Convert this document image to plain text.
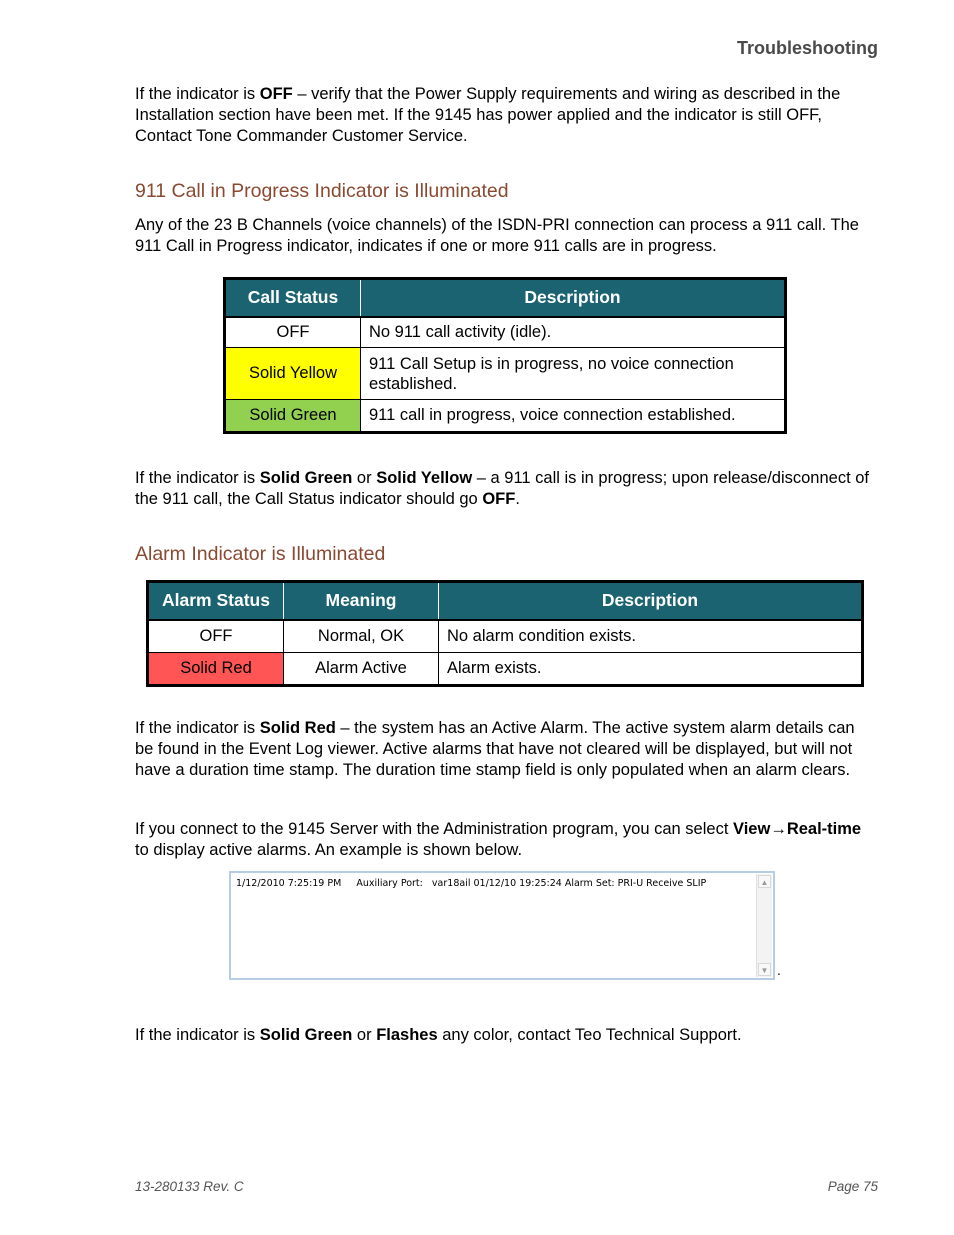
Troubleshooting

If the indicator is OFF – verify that the Power Supply requirements and wiring as described in the Installation section have been met. If the 9145 has power applied and the indicator is still OFF, Contact Tone Commander Customer Service.

911 Call in Progress Indicator is Illuminated

Any of the 23 B Channels (voice channels) of the ISDN-PRI connection can process a 911 call. The 911 Call in Progress indicator, indicates if one or more 911 calls are in progress.

Call Status	Description
OFF	No 911 call activity (idle).
Solid Yellow	911 Call Setup is in progress, no voice connection established.
Solid Green	911 call in progress, voice connection established.

If the indicator is Solid Green or Solid Yellow – a 911 call is in progress; upon release/disconnect of the 911 call, the Call Status indicator should go OFF.

Alarm Indicator is Illuminated
Alarm Status	Meaning	Description
OFF	Normal, OK	No alarm condition exists.
Solid Red	Alarm Active	Alarm exists.

If the indicator is Solid Red – the system has an Active Alarm. The active system alarm details can be found in the Event Log viewer. Active alarms that have not cleared will be displayed, but will not have a duration time stamp. The duration time stamp field is only populated when an alarm clears.

If you connect to the 9145 Server with the Administration program, you can select View→Real-time to display active alarms. An example is shown below.

1/12/2010 7:25:19 PM     Auxiliary Port:   var18ail 01/12/10 19:25:24 Alarm Set: PRI-U Receive SLIP	▲
▼ .

If the indicator is Solid Green or Flashes any color, contact Teo Technical Support.

13-280133 Rev. C	Page 75
